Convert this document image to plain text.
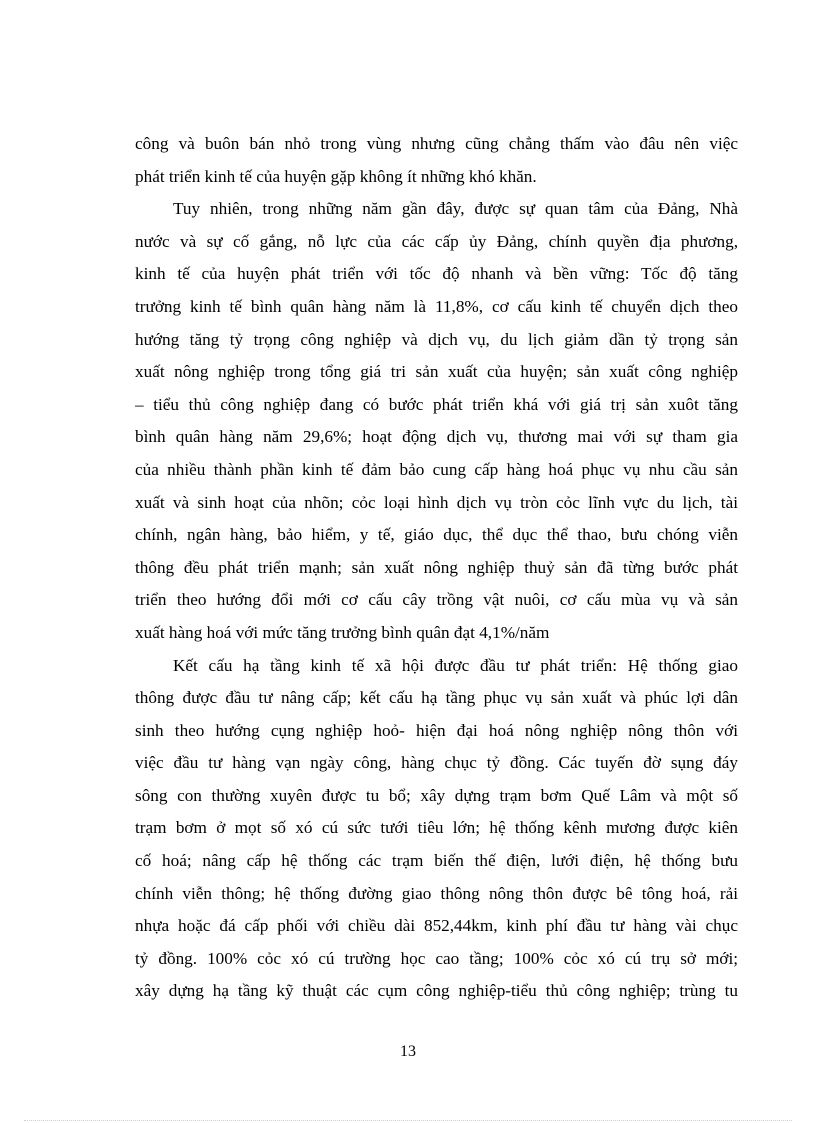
công và buôn bán nhỏ trong vùng nhưng cũng chẳng thấm vào đâu nên việc
phát triển kinh tế của huyện gặp không ít những khó khăn.
Tuy nhiên, trong những năm gần đây, được sự quan tâm của Đảng, Nhà
nước và sự cố gắng, nỗ lực của các cấp ủy Đảng, chính quyền địa phương,
kinh tế của huyện phát triển với tốc độ nhanh và bền vững: Tốc độ tăng
trưởng kinh tế bình quân hàng năm là 11,8%, cơ cấu kinh tế chuyển dịch theo
hướng tăng tỷ trọng công nghiệp và dịch vụ, du lịch giảm dần tỷ trọng sản
xuất nông nghiệp trong tổng giá tri sản xuất của huyện; sản xuất công nghiệp
– tiểu thủ công nghiệp đang có bước phát triển khá với giá trị sản xuôt tăng
bình quân hàng năm 29,6%; hoạt động dịch vụ, thương mai với sự tham gia
của nhiều thành phần kinh tế đảm bảo cung cấp hàng hoá phục vụ nhu cầu sản
xuất và sinh hoạt của nhõn; cỏc loại hình dịch vụ tròn cỏc lĩnh vực du lịch, tài
chính, ngân hàng, bảo hiểm, y tế, giáo dục, thể dục thể thao, bưu chóng viễn
thông đều phát triển mạnh; sản xuất nông nghiệp thuỷ sản đã từng bước phát
triển theo hướng đổi mới cơ cấu cây trồng vật nuôi, cơ cấu mùa vụ và sản
xuất hàng hoá với mức tăng trưởng bình quân đạt 4,1%/năm
Kết cấu hạ tầng kinh tế xã hội được đầu tư phát triển: Hệ thống giao
thông được đầu tư nâng cấp; kết cấu hạ tầng phục vụ sản xuất và phúc lợi dân
sinh theo hướng cụng nghiệp hoỏ- hiện đại hoá nông nghiệp nông thôn với
việc đầu tư hàng vạn ngày công, hàng chục tỷ đồng. Các tuyến đờ sụng đáy
sông con thường xuyên được tu bổ; xây dựng trạm bơm Quế Lâm và một số
trạm bơm ở mọt số xó cú sức tưới tiêu lớn; hệ thống kênh mương được kiên
cố hoá; nâng cấp hệ thống các trạm biến thế điện, lưới điện, hệ thống bưu
chính viễn thông; hệ thống đường giao thông nông thôn được bê tông hoá, rải
nhựa hoặc đá cấp phối với chiều dài 852,44km, kinh phí đầu tư hàng vài chục
tỷ đồng. 100% cỏc xó cú trường học cao tầng; 100% cỏc xó cú trụ sở mới;
xây dựng hạ tầng kỹ thuật các cụm công nghiệp-tiểu thủ công nghiệp; trùng tu
13
